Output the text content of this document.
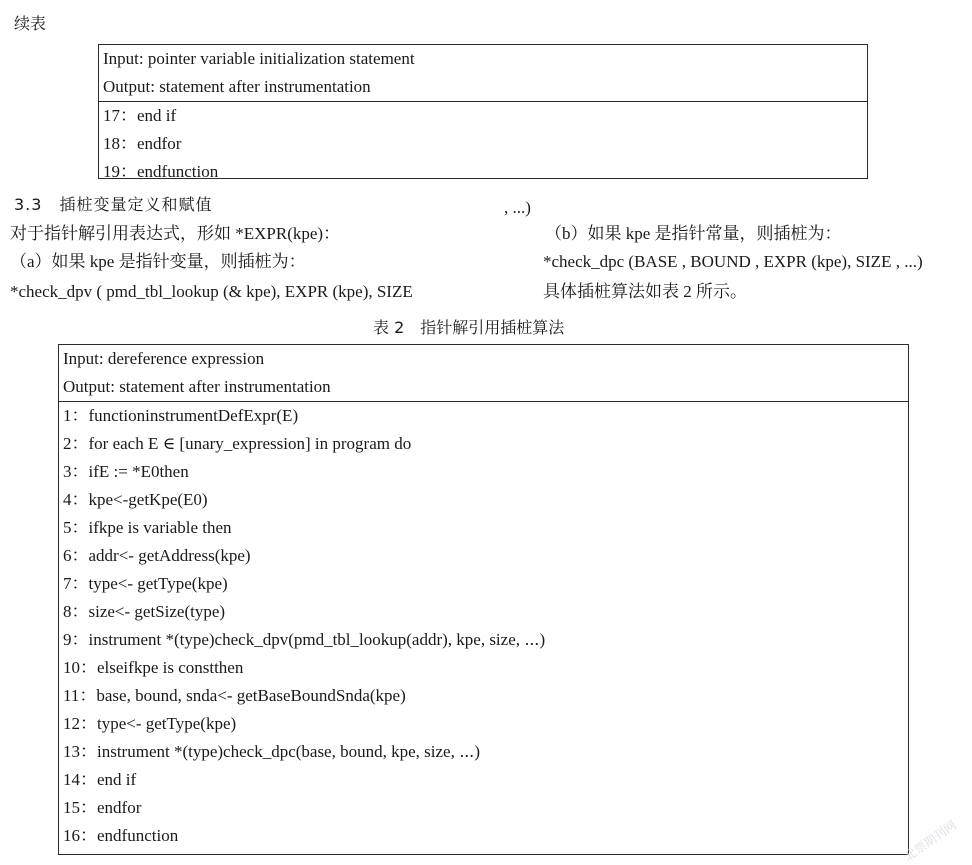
续表
Input: pointer variable initialization statement
Output: statement after instrumentation
17：end if
18：endfor
19：endfunction
3.3　插桩变量定义和赋值
对于指针解引用表达式，形如 *EXPR(kpe)：
（a）如果 kpe 是指针变量，则插桩为：
*check_dpv ( pmd_tbl_lookup (& kpe), EXPR (kpe), SIZE
, ...)
（b）如果 kpe 是指针常量，则插桩为：
*check_dpc (BASE , BOUND , EXPR (kpe), SIZE , ...)
具体插桩算法如表 2 所示。
表 2　指针解引用插桩算法
Input: dereference expression
Output: statement after instrumentation
1：functioninstrumentDefExpr(E)
2：for each E ∈ [unary_expression] in program do
3：ifE := *E0then
4：kpe<-getKpe(E0)
5：ifkpe is variable then
6：addr<- getAddress(kpe)
7：type<- getType(kpe)
8：size<- getSize(type)
9：instrument *(type)check_dpv(pmd_tbl_lookup(addr), kpe, size, ⋯)
10：elseifkpe is constthen
11：base, bound, snda<- getBaseBoundSnda(kpe)
12：type<- getType(kpe)
13：instrument *(type)check_dpc(base, bound, kpe, size, ⋯)
14：end if
15：endfor
16：endfunction	北票期刊网
